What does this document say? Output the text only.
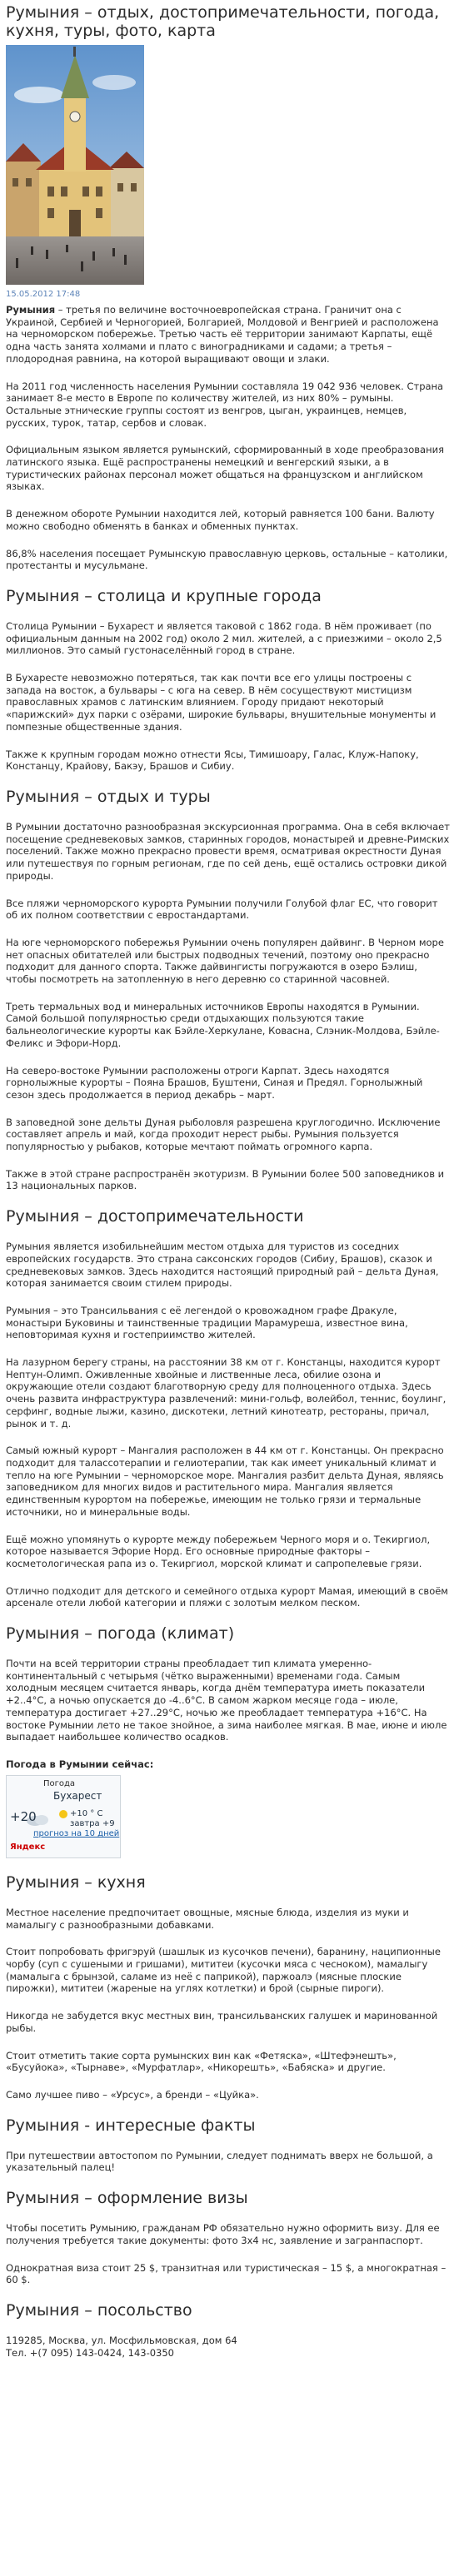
Румыния – отдых, достопримечательности, погода, кухня, туры, фото, карта
15.05.2012 17:48

Румыния – третья по величине восточноевропейская страна. Граничит она с Украиной, Сербией и Черногорией, Болгарией, Молдовой и Венгрией и расположена на черноморском побережье. Третью часть её территории занимают Карпаты, ещё одна часть занята холмами и плато с виноградниками и садами; а третья – плодородная равнина, на которой выращивают овощи и злаки.

На 2011 год численность населения Румынии составляла 19 042 936 человек. Страна занимает 8-е место в Европе по количеству жителей, из них 80% – румыны. Остальные этнические группы состоят из венгров, цыган, украинцев, немцев, русских, турок, татар, сербов и словак.

Официальным языком является румынский, сформированный в ходе преобразования латинского языка. Ещё распространены немецкий и венгерский языки, а в туристических районах персонал может общаться на французском и английском языках.

В денежном обороте Румынии находится лей, который равняется 100 бани. Валюту можно свободно обменять в банках и обменных пунктах.

86,8% населения посещает Румынскую православную церковь, остальные – католики, протестанты и мусульмане.

Румыния – столица и крупные города

Столица Румынии – Бухарест и является таковой с 1862 года. В нём проживает (по официальным данным на 2002 год) около 2 мил. жителей, а с приезжими – около 2,5 миллионов. Это самый густонаселённый город в стране.

В Бухаресте невозможно потеряться, так как почти все его улицы построены с запада на восток, а бульвары – с юга на север. В нём сосуществуют мистицизм православных храмов с латинским влиянием. Городу придают некоторый «парижский» дух парки с озёрами, широкие бульвары, внушительные монументы и помпезные общественные здания.

Также к крупным городам можно отнести Ясы, Тимишоару, Галас, Клуж-Напоку, Констанцу, Крайову, Бакэу, Брашов и Сибиу.

Румыния – отдых и туры

В Румынии достаточно разнообразная экскурсионная программа. Она в себя включает посещение средневековых замков, старинных городов, монастырей и древне-Римских поселений. Также можно прекрасно провести время, осматривая окрестности Дуная или путешествуя по горным регионам, где по сей день, ещё остались островки дикой природы.

Все пляжи черноморского курорта Румынии получили Голубой флаг ЕС, что говорит об их полном соответствии с евростандартами.

На юге черноморского побережья Румынии очень популярен дайвинг. В Черном море нет опасных обитателей или быстрых подводных течений, поэтому оно прекрасно подходит для данного спорта. Также дайвингисты погружаются в озеро Бэлиш, чтобы посмотреть на затопленную в него деревню со старинной часовней.

Треть термальных вод и минеральных источников Европы находятся в Румынии. Самой большой популярностью среди отдыхающих пользуются такие бальнеологические курорты как Бэйле-Херкулане, Ковасна, Слэник-Молдова, Бэйле-Феликс и Эфори-Норд.

На северо-востоке Румынии расположены отроги Карпат. Здесь находятся горнолыжные курорты – Пояна Брашов, Буштени, Синая и Предял. Горнолыжный сезон здесь продолжается в период декабрь – март.

В заповедной зоне дельты Дуная рыболовля разрешена круглогодично. Исключение составляет апрель и май, когда проходит нерест рыбы. Румыния пользуется популярностью у рыбаков, которые мечтают поймать огромного карпа.

Также в этой стране распространён экотуризм. В Румынии более 500 заповедников и 13 национальных парков.

Румыния – достопримечательности

Румыния является изобильнейшим местом отдыха для туристов из соседних европейских государств. Это страна саксонских городов (Сибиу, Брашов), сказок и средневековых замков. Здесь находится настоящий природный рай – дельта Дуная, которая занимается своим стилем природы.

Румыния – это Трансильвания с её легендой о кровожадном графе Дракуле, монастыри Буковины и таинственные традиции Марамуреша, известное вина, неповторимая кухня и гостеприимство жителей.

На лазурном берегу страны, на расстоянии 38 км от г. Констанцы, находится курорт Нептун-Олимп. Оживленные хвойные и лиственные леса, обилие озона и окружающие отели создают благотворную среду для полноценного отдыха. Здесь очень развита инфраструктура развлечений: мини-гольф, волейбол, теннис, боулинг, серфинг, водные лыжи, казино, дискотеки, летний кинотеатр, рестораны, причал, рынок и т. д.

Самый южный курорт – Мангалия расположен в 44 км от г. Констанцы. Он прекрасно подходит для талассотерапии и гелиотерапии, так как имеет уникальный климат и тепло на юге Румынии – черноморское море. Мангалия разбит дельта Дуная, являясь заповедником для многих видов и растительного мира. Мангалия является единственным курортом на побережье, имеющим не только грязи и термальные источники, но и минеральные воды.

Ещё можно упомянуть о курорте между побережьем Черного моря и о. Текиргиол, которое называется Эфорие Норд. Его основные природные факторы – косметологическая рапа из о. Текиргиол, морской климат и сапропелевые грязи.

Отлично подходит для детского и семейного отдыха курорт Мамая, имеющий в своём арсенале отели любой категории и пляжи с золотым мелком песком.

Румыния – погода (климат)

Почти на всей территории страны преобладает тип климата умеренно-континентальный с четырьмя (чётко выраженными) временами года. Самым холодным месяцем считается январь, когда днём температура иметь показатели +2..4°С, а ночью опускается до -4..6°С. В самом жарком месяце года – июле, температура достигает +27..29°С, ночью же преобладает температура +16°С. На востоке Румынии лето не такое знойное, а зима наиболее мягкая. В мае, июне и июле выпадает наибольшее количество осадков.

Погода в Румынии сейчас:
Погода
Бухарест
+20	+10 ° C
завтра +9
прогноз на 10 дней
Яндекс
Румыния – кухня

Местное население предпочитает овощные, мясные блюда, изделия из муки и мамалыгу с разнообразными добавками.

Стоит попробовать фригэруй (шашлык из кусочков печени), баранину, наципионные чорбу (суп с сушеными и гришами), мититеи (кусочки мяса с чесноком), мамалыгу (мамалыга с брынзой, саламе из неё с паприкой), паржоалэ (мясные плоские пирожки), мититеи (жареные на углях котлетки) и брой (сырные пироги).

Никогда не забудется вкус местных вин, трансильванских галушек и маринованной рыбы.

Стоит отметить такие сорта румынских вин как «Фетяска», «Штефэнешть», «Бусуйока», «Тырнаве», «Мурфатлар», «Никорешть», «Бабяска» и другие.

Само лучшее пиво – «Урсус», а бренди – «Цуйка».

Румыния - интересные факты

При путешествии автостопом по Румынии, следует поднимать вверх не большой, а указательный палец!

Румыния – оформление визы

Чтобы посетить Румынию, гражданам РФ обязательно нужно оформить визу. Для ее получения требуется такие документы: фото 3х4 нс, заявление и загранпаспорт.

Однократная виза стоит 25 $, транзитная или туристическая – 15 $, а многократная – 60 $.

Румыния – посольство

119285, Москва, ул. Мосфильмовская, дом 64
Тел. +(7 095) 143-0424, 143-0350
